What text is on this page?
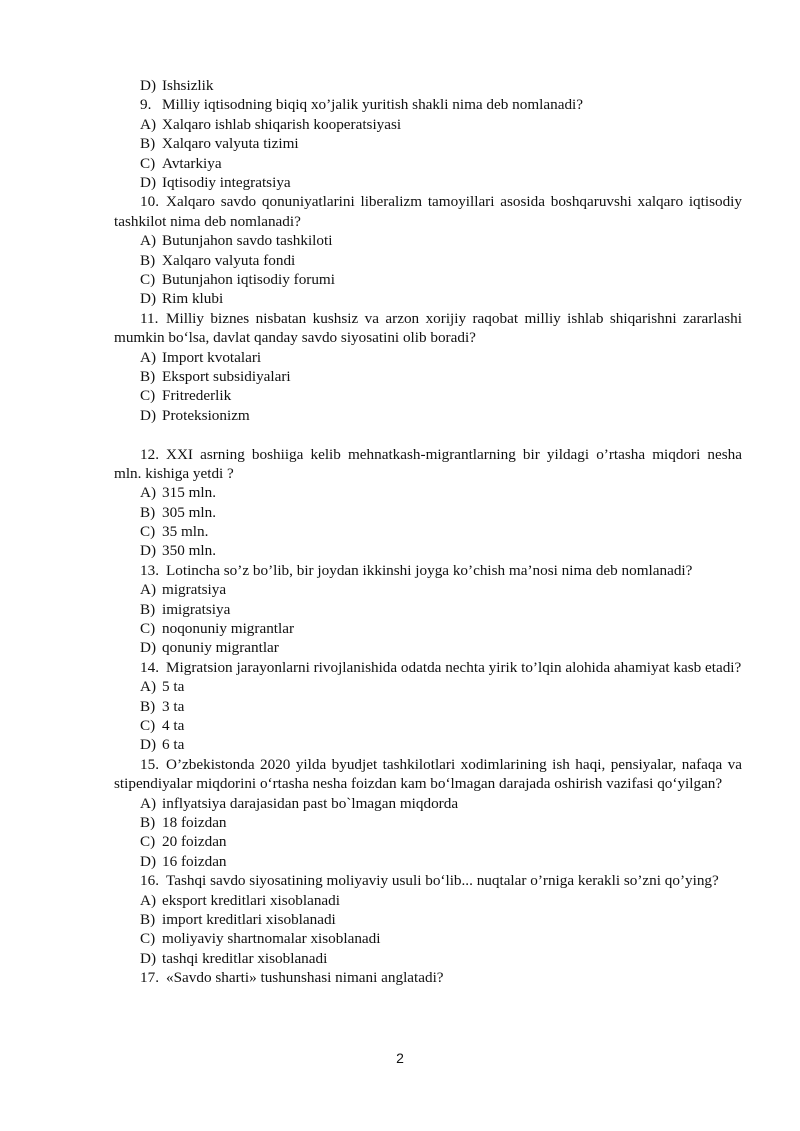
D) Ishsizlik
9. Milliy iqtisodning biqiq xo’jalik yuritish shakli nima deb nomlanadi?
A) Xalqaro ishlab shiqarish kooperatsiyasi
B) Xalqaro valyuta tizimi
C) Avtarkiya
D) Iqtisodiy integratsiya
10. Xalqaro savdo qonuniyatlarini liberalizm tamoyillari asosida boshqaruvshi xalqaro iqtisodiy tashkilot nima deb nomlanadi?
A) Butunjahon savdo tashkiloti
B) Xalqaro valyuta fondi
C) Butunjahon iqtisodiy forumi
D) Rim klubi
11. Milliy biznes nisbatan kushsiz va arzon xorijiy raqobat milliy ishlab shiqarishni zararlashi mumkin bo‘lsa, davlat qanday savdo siyosatini olib boradi?
A) Import kvotalari
B) Eksport subsidiyalari
C) Fritrederlik
D) Proteksionizm
12. XXI asrning boshiiga kelib mehnatkash-migrantlarning bir yildagi o’rtasha miqdori nesha mln. kishiga yetdi ?
A) 315 mln.
B) 305 mln.
C) 35 mln.
D) 350 mln.
13. Lotincha so’z bo’lib, bir joydan ikkinshi joyga ko’chish ma’nosi nima deb nomlanadi?
A) migratsiya
B) imigratsiya
C) noqonuniy migrantlar
D) qonuniy migrantlar
14. Migratsion jarayonlarni rivojlanishida odatda nechta yirik to’lqin alohida ahamiyat kasb etadi?
A) 5 ta
B) 3 ta
C) 4 ta
D) 6 ta
15. O’zbekistonda 2020 yilda byudjet tashkilotlari xodimlarining ish haqi, pensiyalar, nafaqa va stipendiyalar miqdorini o‘rtasha nesha foizdan kam bo‘lmagan darajada oshirish vazifasi qo‘yilgan?
A) inflyatsiya darajasidan past bo`lmagan miqdorda
B) 18 foizdan
C) 20 foizdan
D) 16 foizdan
16. Tashqi savdo siyosatining moliyaviy usuli bo‘lib... nuqtalar o’rniga kerakli so’zni qo’ying?
A) eksport kreditlari xisoblanadi
B) import kreditlari xisoblanadi
C) moliyaviy shartnomalar xisoblanadi
D) tashqi kreditlar xisoblanadi
17. «Savdo sharti» tushunshasi nimani anglatadi?
2
